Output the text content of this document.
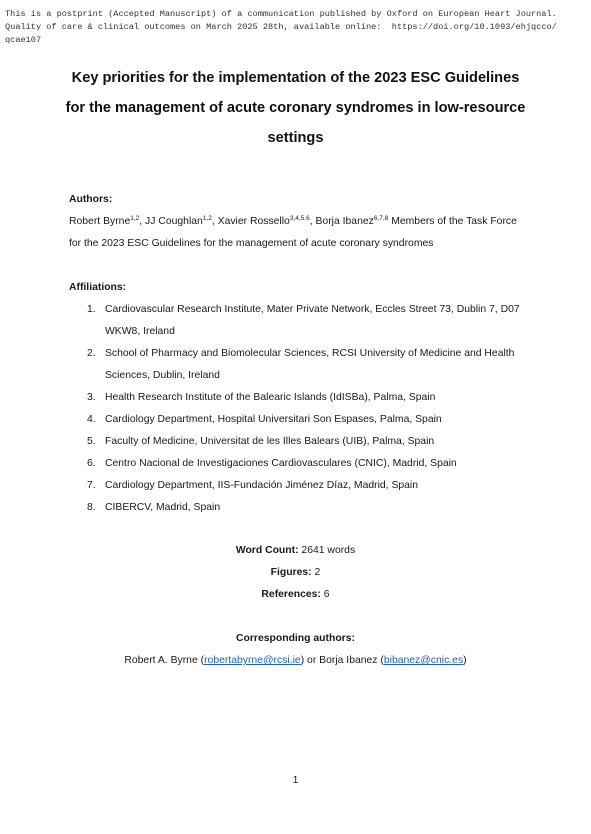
This is a postprint (Accepted Manuscript) of a communication published by Oxford on European Heart Journal.
Quality of care & clinical outcomes on March 2025 28th, available online:  https://doi.org/10.1093/ehjqcco/
qcae107
Key priorities for the implementation of the 2023 ESC Guidelines
for the management of acute coronary syndromes in low-resource
settings
Authors:
Robert Byrne$^{1,2}$, JJ Coughlan$^{1,2}$, Xavier Rossello$^{3,4,5,6}$, Borja Ibanez$^{6,7,8}$ Members of the Task Force for the 2023 ESC Guidelines for the management of acute coronary syndromes
Affiliations:
1. Cardiovascular Research Institute, Mater Private Network, Eccles Street 73, Dublin 7, D07 WKW8, Ireland
2. School of Pharmacy and Biomolecular Sciences, RCSI University of Medicine and Health Sciences, Dublin, Ireland
3. Health Research Institute of the Balearic Islands (IdISBa), Palma, Spain
4. Cardiology Department, Hospital Universitari Son Espases, Palma, Spain
5. Faculty of Medicine, Universitat de les Illes Balears (UIB), Palma, Spain
6. Centro Nacional de Investigaciones Cardiovasculares (CNIC), Madrid, Spain
7. Cardiology Department, IIS-Fundación Jiménez Díaz, Madrid, Spain
8. CIBERCV, Madrid, Spain
Word Count: 2641 words
Figures: 2
References: 6
Corresponding authors:
Robert A. Byrne (robertabyrne@rcsi.ie) or Borja Ibanez (bibanez@cnic.es)
1
